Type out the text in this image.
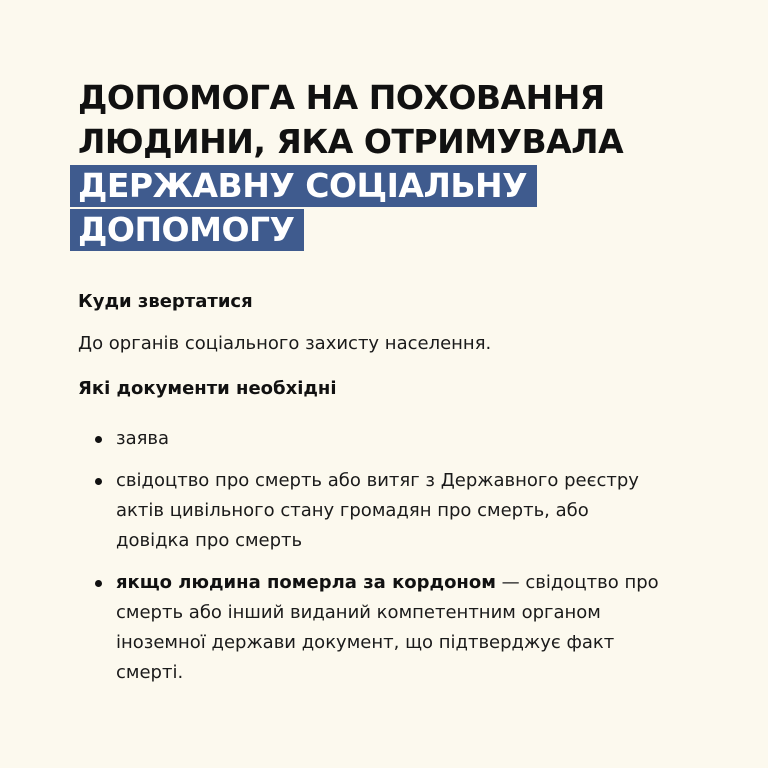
ДОПОМОГА НА ПОХОВАННЯ
ЛЮДИНИ, ЯКА ОТРИМУВАЛА
ДЕРЖАВНУ СОЦІАЛЬНУ
ДОПОМОГУ
Куди звертатися

До органів соціального захисту населення.

Які документи необхідні
заява
свідоцтво про смерть або витяг з Державного реєстру актів цивільного стану громадян про смерть, або довідка про смерть
якщо людина померла за кордоном — свідоцтво про смерть або інший виданий компетентним органом іноземної держави документ, що підтверджує факт смерті.
